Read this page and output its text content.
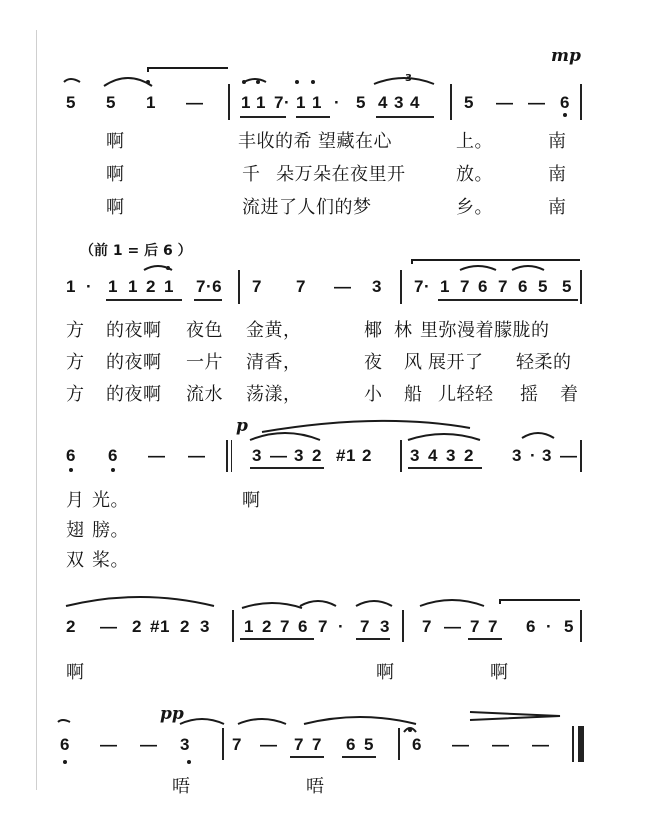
mp
5 5 1 — 1 1 7· 1 1 · 5 4 3 4	5 — — 6
3
啊	丰收的希 望藏在心	上。	南
啊	千 朵万朵在夜里开	放。	南
啊	流进了人们的梦	乡。	南
（前 1 = 后 6 ）
1 · 1 1 2 1 7·6 7 7 — 3 7· 1 7 6 7 6 5 5
方 的夜啊 夜色 金黄，	椰 林 里弥漫着朦胧的
方 的夜啊 一片 清香，	夜 风 展开了 轻柔的
方 的夜啊 流水 荡漾，	小 船 儿轻轻 摇 着
p
6 6 — —	3 — 3 2 #1 2 3 4 3 2 3 · 3 —
月 光。	啊
翅 膀。
双 桨。
2 — 2 #1 2 3 1 2 7 6 7 · 7 3 7 — 7 7 6 · 5
啊	啊	啊
pp
6 — — 3 7 — 7 7 6 5 6 — — —
唔	唔
